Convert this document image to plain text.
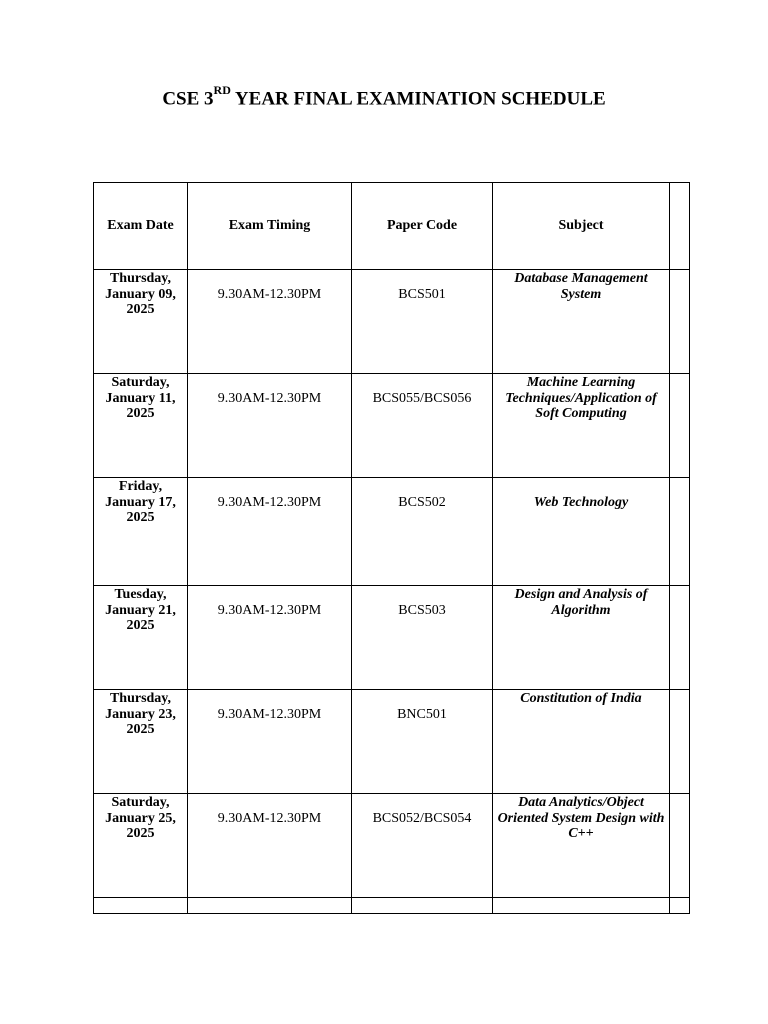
CSE 3RD YEAR FINAL EXAMINATION SCHEDULE
Exam Date	Exam Timing	Paper Code	Subject	

Thursday,
January 09,
2025	9.30AM-12.30PM	BCS501	Database Management System	

Saturday,
January 11,
2025	9.30AM-12.30PM	BCS055/BCS056	Machine Learning Techniques/Application of Soft Computing	

Friday,
January 17,
2025	9.30AM-12.30PM	BCS502	Web Technology	

Tuesday,
January 21,
2025	9.30AM-12.30PM	BCS503	Design and Analysis of Algorithm	

Thursday,
January 23,
2025	9.30AM-12.30PM	BNC501	Constitution of India	

Saturday,
January 25,
2025	9.30AM-12.30PM	BCS052/BCS054	Data Analytics/Object Oriented System Design with C++	
